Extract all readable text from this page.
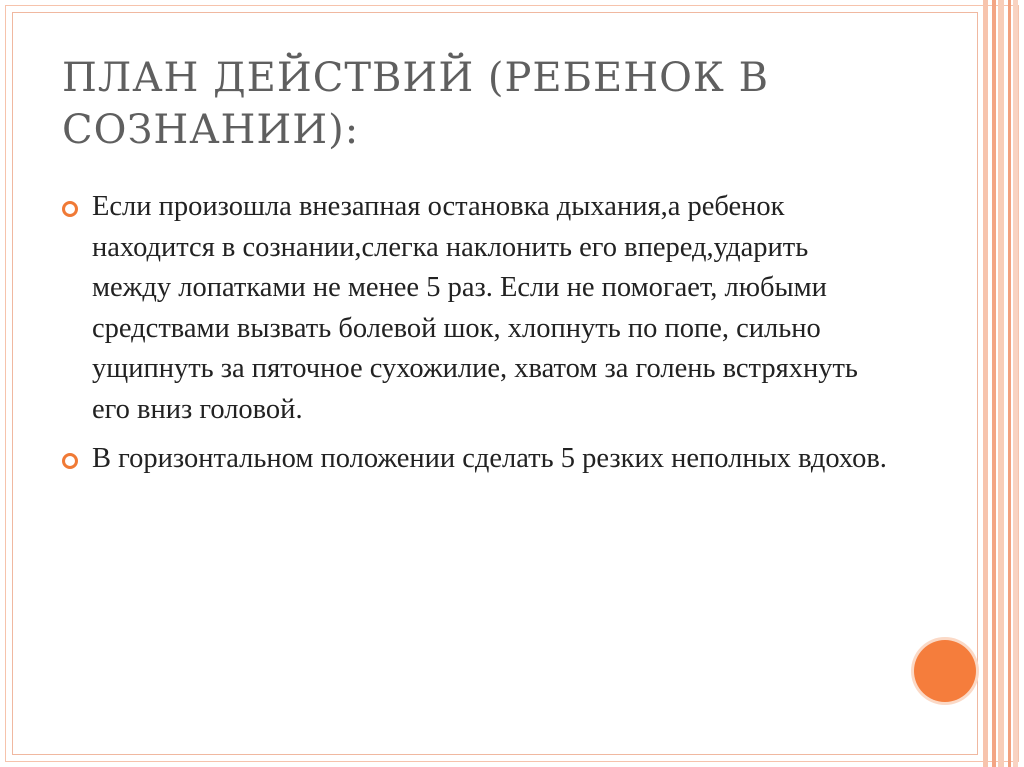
ПЛАН ДЕЙСТВИЙ (РЕБЕНОК В
СОЗНАНИИ):
Если произошла внезапная остановка дыхания,а ребенок находится в сознании,слегка наклонить его вперед,ударить между лопатками не менее 5 раз. Если не помогает, любыми средствами вызвать болевой шок, хлопнуть по попе, сильно ущипнуть за пяточное сухожилие, хватом за голень встряхнуть его вниз головой.
В горизонтальном положении сделать 5 резких неполных вдохов.
